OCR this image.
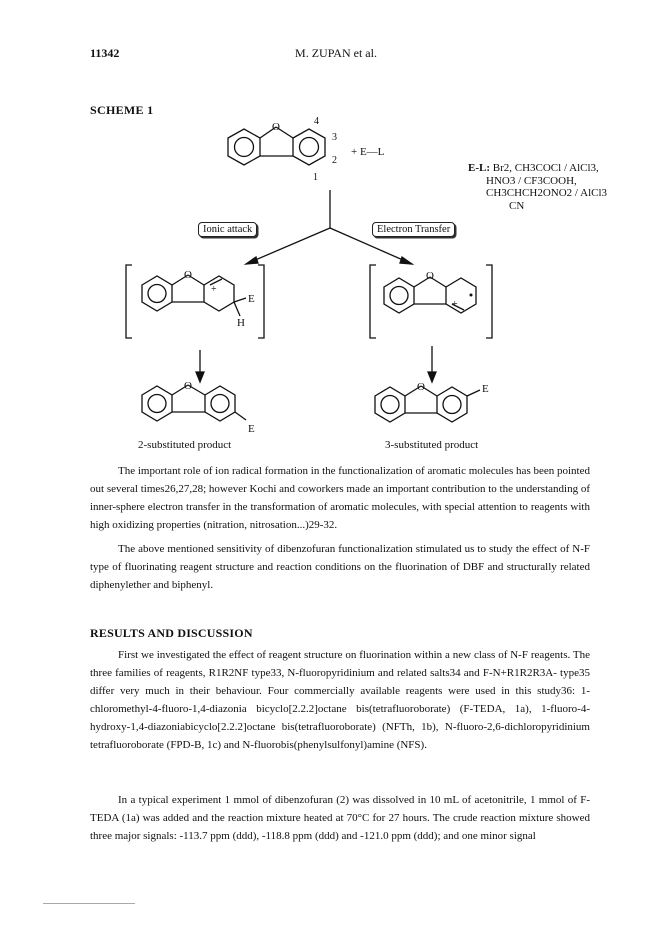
11342	M. ZUPAN et al.
SCHEME 1
O	4
3
2
1
+ E—L
O
+
E
H
O
+
O
E
O	E
Ionic attack	Electron Transfer
E-L: Br2, CH3COCl / AlCl3,
HNO3 / CF3COOH,
CH3CHCH2ONO2 / AlCl3
CN
2-substituted product	3-substituted product

The important role of ion radical formation in the functionalization of aromatic molecules has been pointed out several times26,27,28; however Kochi and coworkers made an important contribution to the understanding of inner-sphere electron transfer in the transformation of aromatic molecules, with special attention to reagents with high oxidizing properties (nitration, nitrosation...)29-32.

The above mentioned sensitivity of dibenzofuran functionalization stimulated us to study the effect of N-F type of fluorinating reagent structure and reaction conditions on the fluorination of DBF and structurally related diphenylether and biphenyl.

RESULTS AND DISCUSSION

First we investigated the effect of reagent structure on fluorination within a new class of N-F reagents. The three families of reagents, R1R2NF type33, N-fluoropyridinium and related salts34 and F-N+R1R2R3A- type35 differ very much in their behaviour. Four commercially available reagents were used in this study36: 1-chloromethyl-4-fluoro-1,4-diazonia bicyclo[2.2.2]octane bis(tetrafluoroborate) (F-TEDA, 1a), 1-fluoro-4-hydroxy-1,4-diazoniabicyclo[2.2.2]octane bis(tetrafluoroborate) (NFTh, 1b), N-fluoro-2,6-dichloropyridinium tetrafluoroborate (FPD-B, 1c) and N-fluorobis(phenylsulfonyl)amine (NFS).

In a typical experiment 1 mmol of dibenzofuran (2) was dissolved in 10 mL of acetonitrile, 1 mmol of F-TEDA (1a) was added and the reaction mixture heated at 70°C for 27 hours. The crude reaction mixture showed three major signals: -113.7 ppm (ddd), -118.8 ppm (ddd) and -121.0 ppm (ddd); and one minor signal
